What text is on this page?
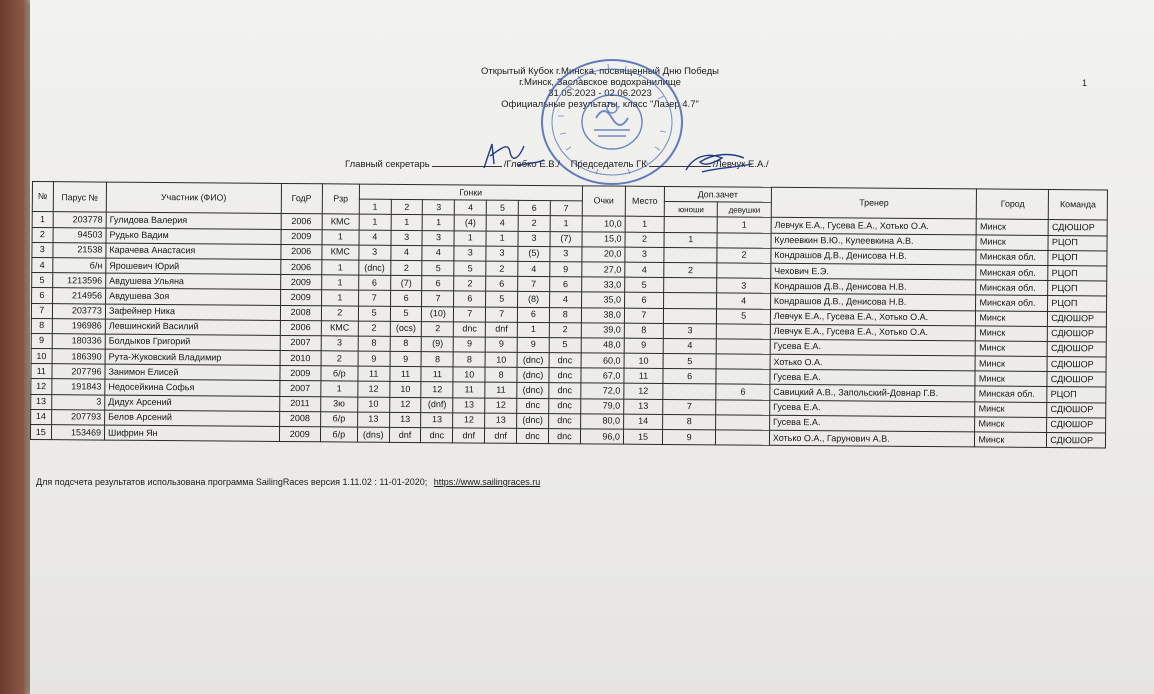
Открытый Кубок г.Минска, посвященный Дню Победы
г.Минск, Заславское водохранилище
31.05.2023 - 02.06.2023
Официальные результаты, класс "Лазер 4.7"
1
Главный секретарь	/Глебко Е.В./ Председатель ГК	/Левчук Е.А./
№	Парус №	Участник (ФИО)	ГодР	Рзр	Гонки							Очки	Место	Доп.зачет		Тренер	Город	Команда
					1	2	3	4	5	6	7			юноши	девушки			
1	203778	Гулидова Валерия	2006	КМС	1	1	1	(4)	4	2	1	10,0	1		1	Левчук Е.А., Гусева Е.А., Хотько О.А.	Минск	СДЮШОР
2	94503	Рудько Вадим	2009	1	4	3	3	1	1	3	(7)	15,0	2	1		Кулеевкин В.Ю., Кулеевкина А.В.	Минск	РЦОП
3	21538	Карачева Анастасия	2006	КМС	3	4	4	3	3	(5)	3	20,0	3		2	Кондрашов Д.В., Денисова Н.В.	Минская обл.	РЦОП
4	б/н	Ярошевич Юрий	2006	1	(dnc)	2	5	5	2	4	9	27,0	4	2		Чехович Е.Э.	Минская обл.	РЦОП
5	1213596	Авдушева Ульяна	2009	1	6	(7)	6	2	6	7	6	33,0	5		3	Кондрашов Д.В., Денисова Н.В.	Минская обл.	РЦОП
6	214956	Авдушева Зоя	2009	1	7	6	7	6	5	(8)	4	35,0	6		4	Кондрашов Д.В., Денисова Н.В.	Минская обл.	РЦОП
7	203773	Зафейнер Ника	2008	2	5	5	(10)	7	7	6	8	38,0	7		5	Левчук Е.А., Гусева Е.А., Хотько О.А.	Минск	СДЮШОР
8	196986	Левшинский Василий	2006	КМС	2	(ocs)	2	dnc	dnf	1	2	39,0	8	3		Левчук Е.А., Гусева Е.А., Хотько О.А.	Минск	СДЮШОР
9	180336	Болдыков Григорий	2007	3	8	8	(9)	9	9	9	5	48,0	9	4		Гусева Е.А.	Минск	СДЮШОР
10	186390	Рута-Жуковский Владимир	2010	2	9	9	8	8	10	(dnc)	dnc	60,0	10	5		Хотько О.А.	Минск	СДЮШОР
11	207796	Занимон Елисей	2009	б/р	11	11	11	10	8	(dnc)	dnc	67,0	11	6		Гусева Е.А.	Минск	СДЮШОР
12	191843	Недосейкина Софья	2007	1	12	10	12	11	11	(dnc)	dnc	72,0	12		6	Савицкий А.В., Запольский-Довнар Г.В.	Минская обл.	РЦОП
13	3	Дидух Арсений	2011	3ю	10	12	(dnf)	13	12	dnc	dnc	79,0	13	7		Гусева Е.А.	Минск	СДЮШОР
14	207793	Белов Арсений	2008	б/р	13	13	13	12	13	(dnc)	dnc	80,0	14	8		Гусева Е.А.	Минск	СДЮШОР
15	153469	Шифрин Ян	2009	б/р	(dns)	dnf	dnc	dnf	dnf	dnc	dnc	96,0	15	9		Хотько О.А., Гарунович А.В.	Минск	СДЮШОР
Для подсчета результатов использована программа SailingRaces версия 1.11.02 : 11-01-2020; https://www.sailingraces.ru
